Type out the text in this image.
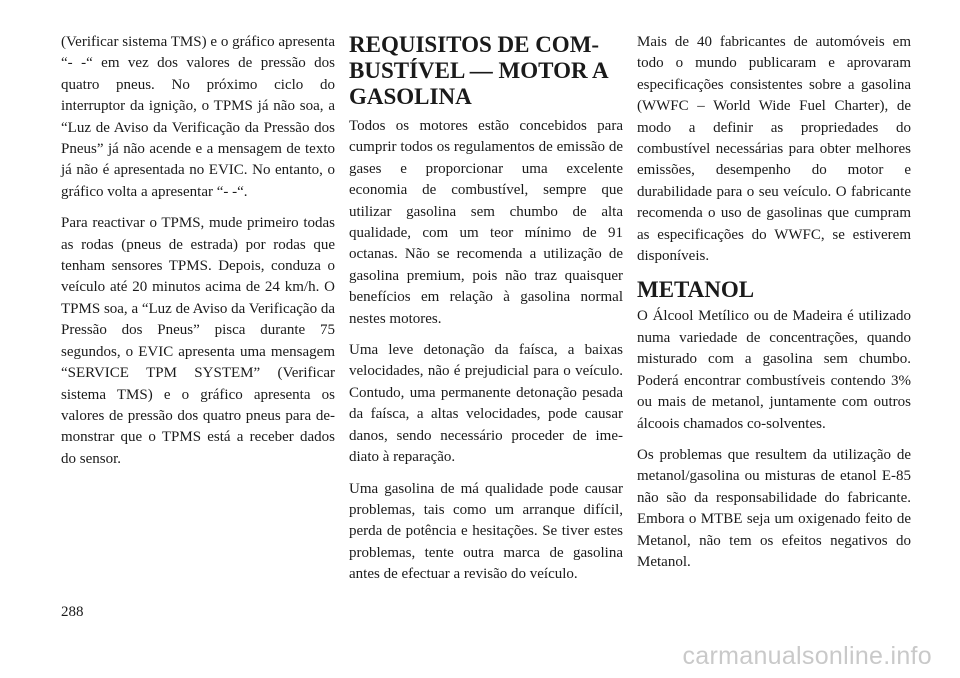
(Verificar sistema TMS) e o gráfico apresenta “- -“ em vez dos valores de pressão dos quatro pneus. No próximo ciclo do interruptor da ignição, o TPMS já não soa, a “Luz de Aviso da Verificação da Pressão dos Pneus” já não acende e a mensagem de texto já não é apresentada no EVIC. No entanto, o gráfico volta a apresentar “- -“.

Para reactivar o TPMS, mude primeiro todas as rodas (pneus de estrada) por rodas que tenham sensores TPMS. Depois, conduza o veículo até 20 minutos acima de 24 km/h. O TPMS soa, a “Luz de Aviso da Verificação da Pressão dos Pneus” pisca durante 75 segundos, o EVIC apresenta uma mensagem “SERVICE TPM SYSTEM” (Verificar sistema TMS) e o gráfico apresenta os valores de pressão dos quatro pneus para demonstrar que o TPMS está a receber dados do sensor.

REQUISITOS DE COMBUSTÍVEL — MOTOR A GASOLINA

Todos os motores estão concebidos para cumprir todos os regulamentos de emissão de gases e proporcionar uma excelente economia de combustível, sempre que utilizar gasolina sem chumbo de alta qualidade, com um teor mínimo de 91 octanas. Não se recomenda a utilização de gasolina premium, pois não traz quaisquer benefícios em relação à gasolina normal nestes motores.

Uma leve detonação da faísca, a baixas velocidades, não é prejudicial para o veículo. Contudo, uma permanente detonação pesada da faísca, a altas velocidades, pode causar danos, sendo necessário proceder de imediato à reparação.

Uma gasolina de má qualidade pode causar problemas, tais como um arranque difícil, perda de potência e hesitações. Se tiver estes problemas, tente outra marca de gasolina antes de efectuar a revisão do veículo.

Mais de 40 fabricantes de automóveis em todo o mundo publicaram e aprovaram especificações consistentes sobre a gasolina (WWFC – World Wide Fuel Charter), de modo a definir as propriedades do combustível necessárias para obter melhores emissões, desempenho do motor e durabilidade para o seu veículo. O fabricante recomenda o uso de gasolinas que cumpram as especificações do WWFC, se estiverem disponíveis.

METANOL

O Álcool Metílico ou de Madeira é utilizado numa variedade de concentrações, quando misturado com a gasolina sem chumbo. Poderá encontrar combustíveis contendo 3% ou mais de metanol, juntamente com outros álcoois chamados co-solventes.

Os problemas que resultem da utilização de metanol/gasolina ou misturas de etanol E-85 não são da responsabilidade do fabricante. Embora o MTBE seja um oxigenado feito de Metanol, não tem os efeitos negativos do Metanol.

288
carmanualsonline.info
